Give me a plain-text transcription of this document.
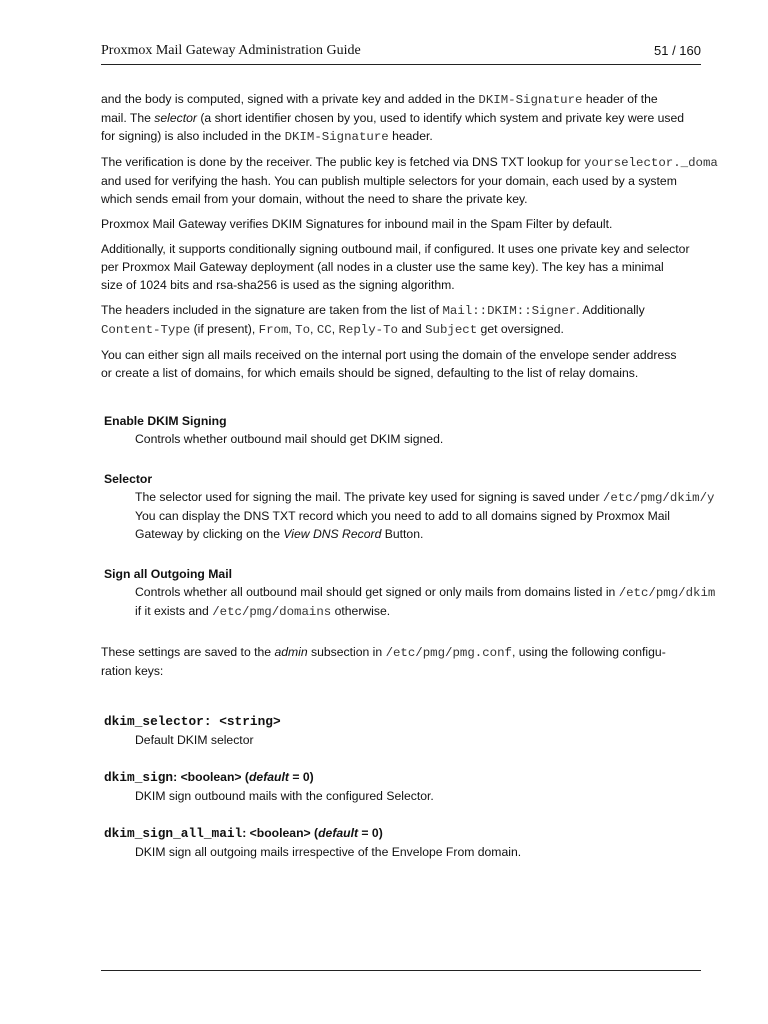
Proxmox Mail Gateway Administration Guide	51 / 160

and the body is computed, signed with a private key and added in the DKIM-Signature header of the

mail. The selector (a short identifier chosen by you, used to identify which system and private key were used

for signing) is also included in the DKIM-Signature header.

The verification is done by the receiver. The public key is fetched via DNS TXT lookup for yourselector._doma

and used for verifying the hash. You can publish multiple selectors for your domain, each used by a system

which sends email from your domain, without the need to share the private key.

Proxmox Mail Gateway verifies DKIM Signatures for inbound mail in the Spam Filter by default.

Additionally, it supports conditionally signing outbound mail, if configured. It uses one private key and selector

per Proxmox Mail Gateway deployment (all nodes in a cluster use the same key). The key has a minimal

size of 1024 bits and rsa-sha256 is used as the signing algorithm.

The headers included in the signature are taken from the list of Mail::DKIM::Signer. Additionally

Content-Type (if present), From, To, CC, Reply-To and Subject get oversigned.

You can either sign all mails received on the internal port using the domain of the envelope sender address

or create a list of domains, for which emails should be signed, defaulting to the list of relay domains.

Enable DKIM Signing

Controls whether outbound mail should get DKIM signed.

Selector

The selector used for signing the mail. The private key used for signing is saved under /etc/pmg/dkim/y

You can display the DNS TXT record which you need to add to all domains signed by Proxmox Mail

Gateway by clicking on the View DNS Record Button.

Sign all Outgoing Mail

Controls whether all outbound mail should get signed or only mails from domains listed in /etc/pmg/dkim

if it exists and /etc/pmg/domains otherwise.

These settings are saved to the admin subsection in /etc/pmg/pmg.conf, using the following configu-

ration keys:

dkim_selector: <string>

Default DKIM selector

dkim_sign: <boolean> (default = 0)

DKIM sign outbound mails with the configured Selector.

dkim_sign_all_mail: <boolean> (default = 0)

DKIM sign all outgoing mails irrespective of the Envelope From domain.
